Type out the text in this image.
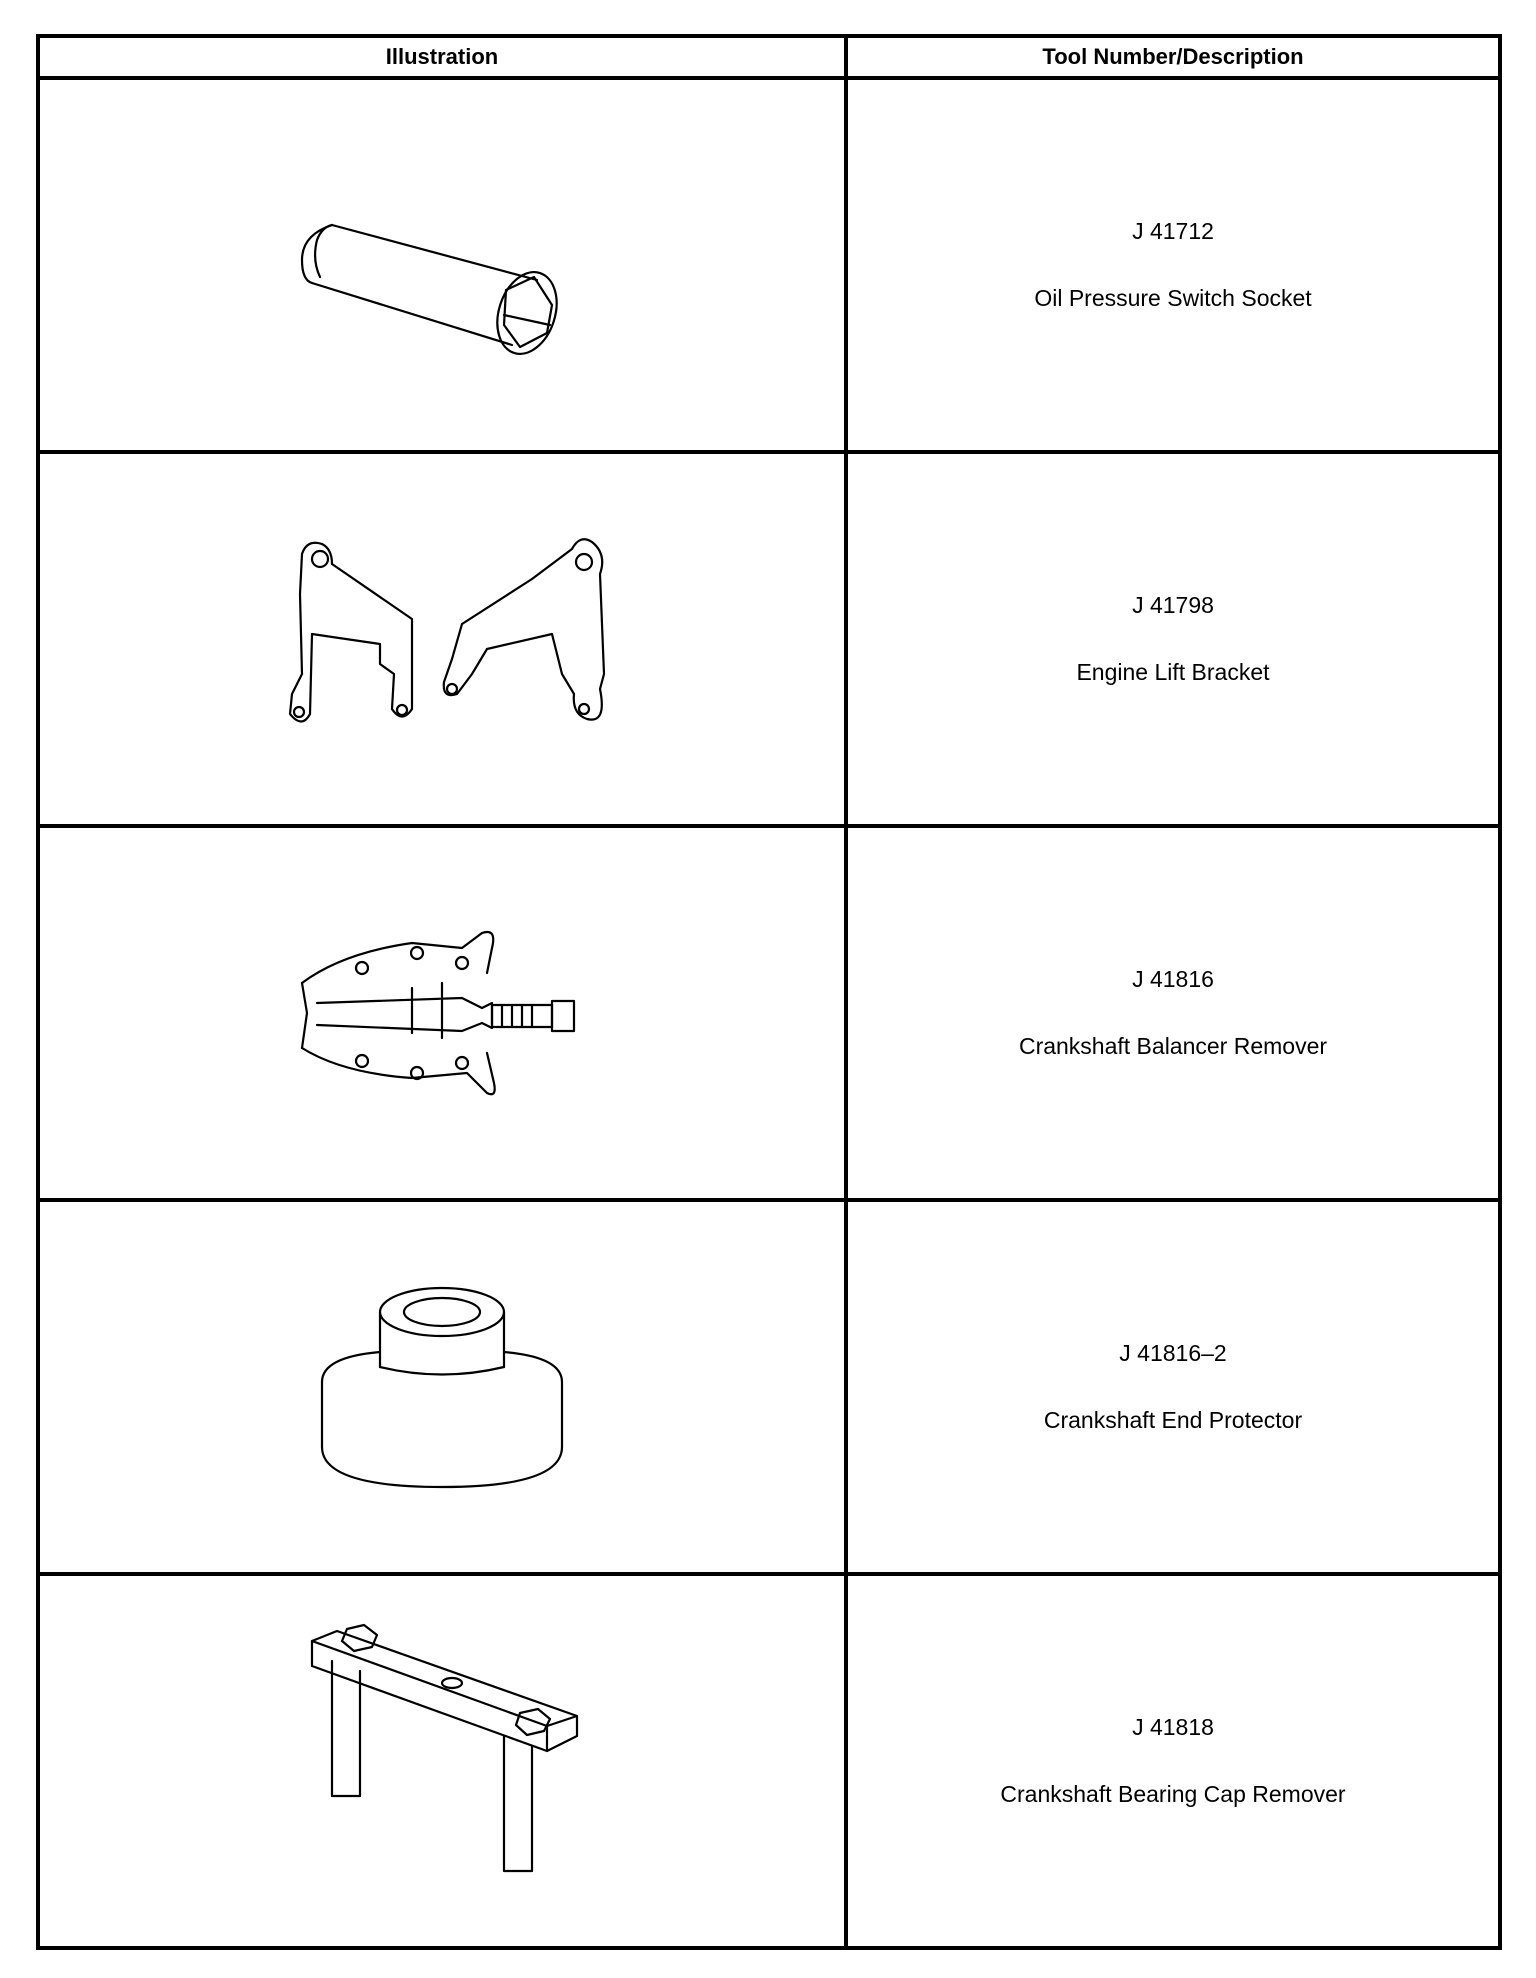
Illustration	Tool Number/Description

J 41712
Oil Pressure Switch Socket

J 41798
Engine Lift Bracket

J 41816
Crankshaft Balancer Remover

J 41816–2
Crankshaft End Protector

J 41818
Crankshaft Bearing Cap Remover
